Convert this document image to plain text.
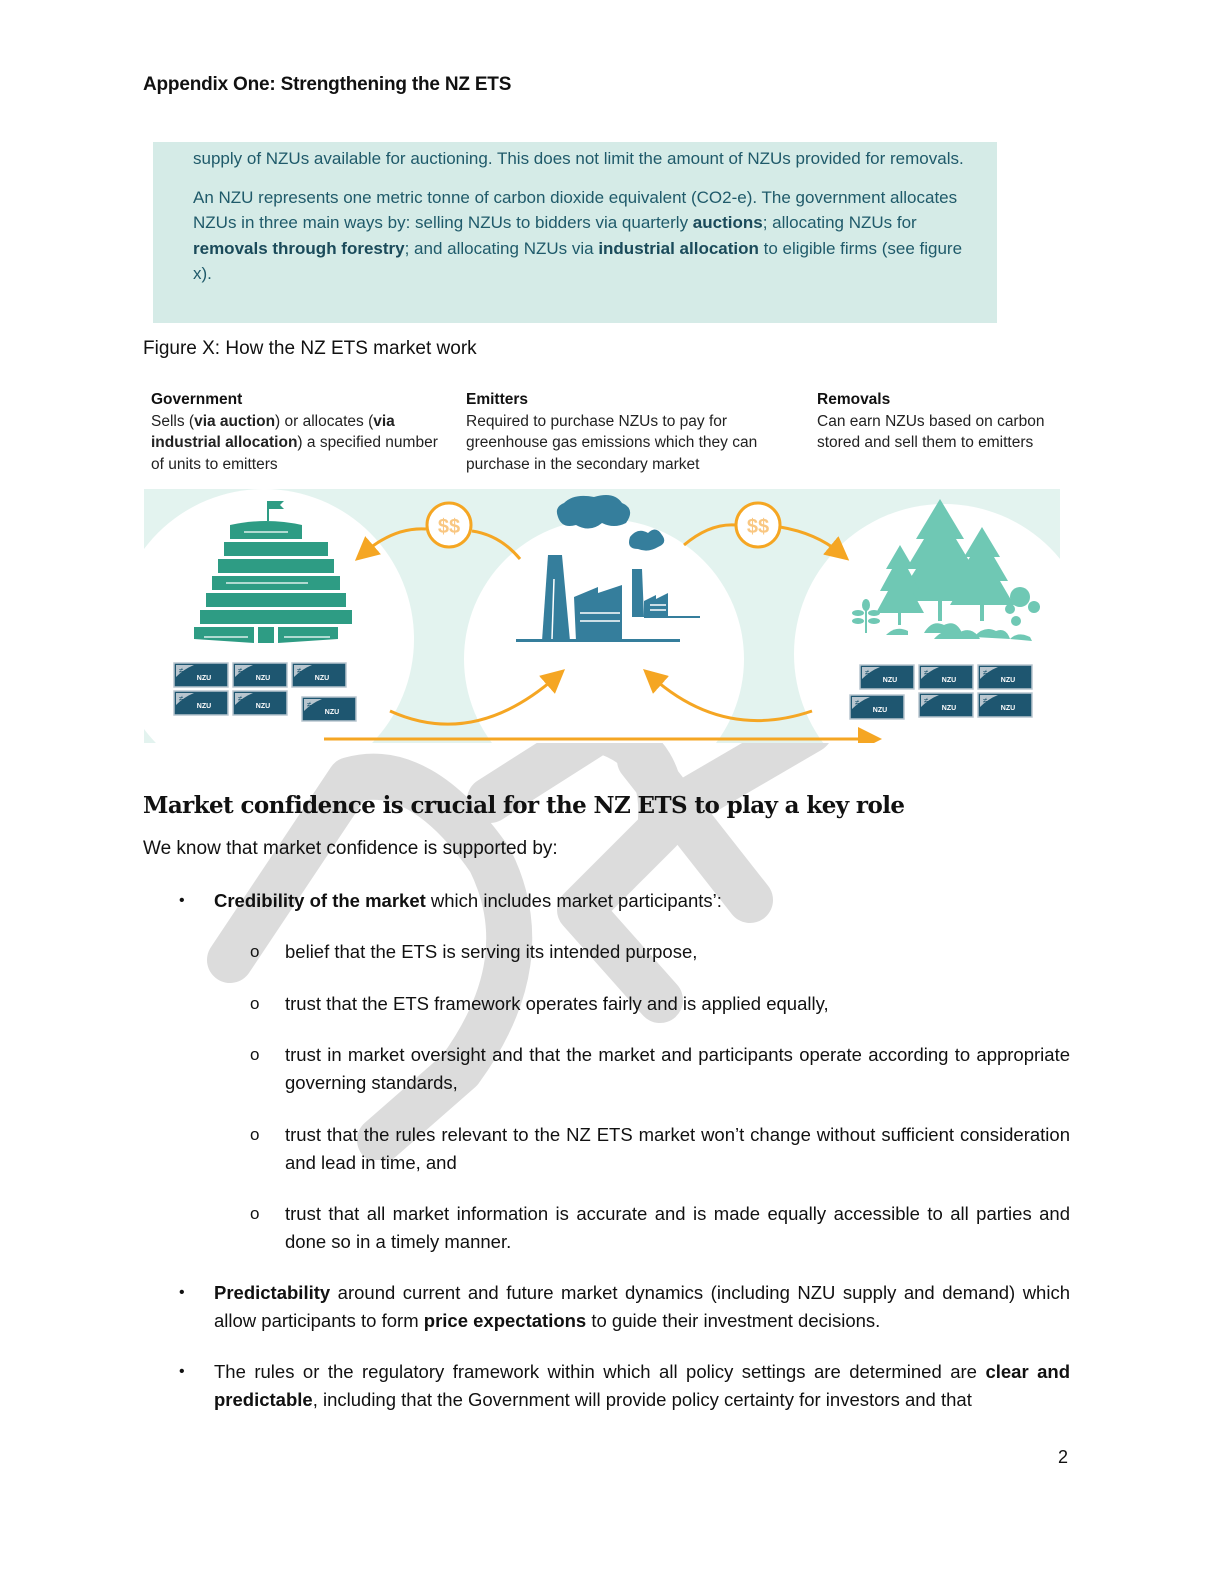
Appendix One: Strengthening the NZ ETS

supply of NZUs available for auctioning. This does not limit the amount of NZUs provided for removals.

An NZU represents one metric tonne of carbon dioxide equivalent (CO2-e). The government allocates NZUs in three main ways by: selling NZUs to bidders via quarterly auctions; allocating NZUs for removals through forestry; and allocating NZUs via industrial allocation to eligible firms (see figure x).

Figure X: How the NZ ETS market work
Government
Sells (via auction) or allocates (via industrial allocation) a specified number of units to emitters
Emitters
Required to purchase NZUs to pay for greenhouse gas emissions which they can purchase in the secondary market
Removals
Can earn NZUs based on carbon stored and sell them to emitters
$$	$$
Market confidence is crucial for the NZ ETS to play a key role
We know that market confidence is supported by:
• Credibility of the market which includes market participants’:
o belief that the ETS is serving its intended purpose,
o trust that the ETS framework operates fairly and is applied equally,
o trust in market oversight and that the market and participants operate according to appropriate governing standards,
o trust that the rules relevant to the NZ ETS market won’t change without sufficient consideration and lead in time, and
o trust that all market information is accurate and is made equally accessible to all parties and done so in a timely manner.
• Predictability around current and future market dynamics (including NZU supply and demand) which allow participants to form price expectations to guide their investment decisions.
• The rules or the regulatory framework within which all policy settings are determined are clear and predictable, including that the Government will provide policy certainty for investors and that
2
